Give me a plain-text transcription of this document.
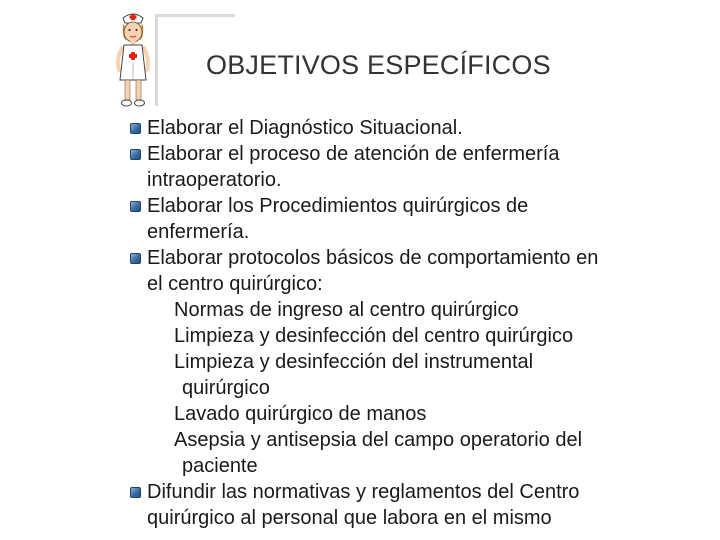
OBJETIVOS ESPECÍFICOS
Elaborar el Diagnóstico Situacional.
Elaborar el proceso de atención de enfermería
intraoperatorio.
Elaborar los Procedimientos quirúrgicos de
enfermería.
Elaborar protocolos básicos de comportamiento en
el centro quirúrgico:
Normas de ingreso al centro quirúrgico
Limpieza y desinfección del centro quirúrgico
Limpieza y desinfección del instrumental
quirúrgico
Lavado quirúrgico de manos
Asepsia y antisepsia del campo operatorio del
paciente
Difundir las normativas y reglamentos del Centro
quirúrgico al personal que labora en el mismo
